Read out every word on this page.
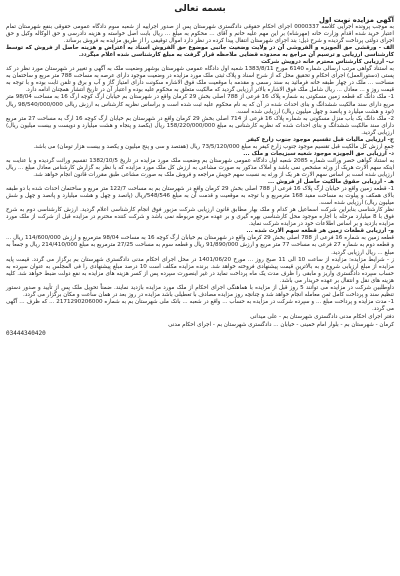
بسمه تعالی
آگهی مزایده نوبت اول

به موجب پرونده اجرایی کلاسه 0000337 اجرای احکام حقوقی دادگستری شهرستان پس از صدور اجراییه از شعبه سوم دادگاه عمومی حقوقی بنفع شهرستان تمام اعتبار خرید شده اقدام وزارت خانه (مهرشاه) بر این مهم علیه خانم و آقای ... محکوم به مبلغ ... ریال بابت اصل خواسته و هزینه دادرسی و حق الوکاله وکیل و حق اجرای دولتی پرداخت گردیده و شرح ذیل: بند اجرای شهرستان انتقال پیدا کرده در نظر دارد اموال توقیفی را از طریق مزایده به فروش برساند.

الف - ورقشی حق الجویزه و الفروشی آن در ولایت وضعیت جانبی موضوع حق الفروش اسناد به اعتراض و هزینه حاصل از فروش که توسط کارشناسی ارزیابی و ترسیم آن مراجع به محدوده قضایی ملاحظه قرار گرفت به مبلغ کارشناسی شده اعلام میگردد.

ب- ارزیابی کارشناس محترم خانه درویش شرکت

به استناد گواهی مرتب ارسالی شماره 6140 مورخ 1383/8/11 شعبه اول دادگاه عمومی شهرستان بوشهر وضعیت ملک به آگهی و تغییر در شهرستان مورد نظر در کد پستی (دستورالعمل) اجرای احکام و تحقیق محل که از شرح اسناد و پلاک ثبتی ملک مورد مزایده در وضعیت موجود دارای عرصه به مساحت 788 متر مربع و ساختمان به مساحت ... ملک در چهار طبقه خانه فرمائید به سند رسمی و مقدمه با موقعیت ملک فوق الاشاره سکونت دارای امتیاز گاز و آب و برق و تلفن ثابت بوده و با توجه به قیمت روز و ... معادل ... ریال شامل ملک فوق الاشاره بالاتر ارزیابی گردید که مالکیت متعلق به محکوم علیه بوده و اعتبار آن در تاریخ انتشار همچنان ادامه دارد.

1- ملک دانگ که قطعه زمین مسکونی به شماره پلاک 16 فرعی از 788 اصلی بخش 29 کرمان واقع در شهرستان بم خیابان ارگ کوچه ارگ 16 به مساحت 98/04 متر مربع دارای سند مالکیت ششدانگ و بنای احداث شده در آن که به نام محکوم علیه ثبت شده است و براساس نظریه کارشناس به ارزش ریالی 98/540/000/000 ریال (نود و هشت میلیارد و پانصد و چهل میلیون ریال) ارزیابی شده است.

2- ملک دانگ یک باب منزل مسکونی به شماره پلاک 16 فرعی از 714 اصلی بخش 29 کرمان واقع در شهرستان بم خیابان ارگ کوچه 16 ارگ به مساحت 27 متر مربع دارای سند مالکیت ششدانگ و بنای احداث شده که نظریه کارشناس به مبلغ 158/220/000/000 ریال (یکصد و پنجاه و هشت میلیارد و دویست و بیست میلیون ریال) ارزیابی گردید.

ج- ارزیابی مالیات قبل تقسیم موجود جنوب زارع کیفر

جمع ارزش کل مالکیت قبل تقسیم موجود جنوب زارع کیفر به مبلغ 73/5/120/000 ریال (هفتصد و سی و پنج میلیون و یکصد و بیست هزار تومان) می باشد.

د- ارزیابی حق الجویزه موجود شعبه سبزیجات و ملک ...

به استناد گواهی حصر وراثت شماره 2085 شعبه اول دادگاه عمومی شهرستان بم وضعیت ملک مورد مزایده در تاریخ 1382/10/5 تقسیم وراثت گردیده و با عنایت به اینکه سهم الارث هریک از ورثه مشخص نمی باشد و املاک مذکور به صورت مشاعی به ارزش کل ملک مورد مزایده که با نظر به گزارش کارشناس معادل مبلغ ... ریال ارزیابی شده است بر اساس سهم الارث هر یک از ورثه به نسبت سهم خویش مراجعه و فروش ملک به صورت مشاعی طبق مقررات قانون انجام خواهد شد.

هـ - ارزیابی حقوق مالکیت حاصل از فروش ...

1- قطعه زمین واقع در خیابان ارگ پلاک 16 فرعی از 788 اصلی بخش 29 کرمان واقع در شهرستان بم به مساحت 122/7 متر مربع و ساختمان احداث شده با دو طبقه بالای همکف و پیلوت به مساحت مفید 168 مترمربع و با توجه به موقعیت و قدمت آن به مبلغ 548/546/ریال (پانصد و چهل و هشت میلیارد و پانصد و چهل و شش میلیون ریال) ارزیابی شده است.

نظر کارشناسی بنابراین شرکت اسماعیل هر کدام و ملک بهار مطابق قانون ارزیابی شرکت مزبور فوق انجام کارشناسی اعلام گردید. ارزش کارشناسی دوم به شرح فوق با 8 میلیارد مرحله با اجاره موجود محل کارشناسی بهره گیری و بر عهده مرجع مربوطه نمی باشد و شرکت کننده محترم در مزایده قبل از شرکت از ملک مورد مزایده بازدید و بر اساس اطلاعات خود در مزایده شرکت نماید.

و- ارزیابی قطعات زمین هر قطعه سهم الارث شده ...

قطعه زمین به شماره 16 فرعی از 788 اصلی بخش 29 کرمان واقع در شهرستان بم خیابان ارگ کوچه 16 به مساحت 98/04 مترمربع و ارزش 114/600/000 ریال ... و قطعه دوم به شماره 27 فرعی به مساحت 77 متر مربع و ارزش 91/890/000 ریال و قطعه سوم به مساحت 27/25 مترمربع به مبلغ 214/410/000 ریال و جمعاً به مبلغ ... ریال ارزیابی گردید.

ز - شرایط مزایده: مزایده از ساعت 10 الی 11 صبح روز ... مورخ 1401/06/20 در محل اجرای احکام مدنی دادگستری شهرستان بم برگزار می گردد. قیمت پایه مزایده از مبلغ ارزیابی شروع و به بالاترین قیمت پیشنهادی فروخته خواهد شد. برنده مزایده مکلف است 10 درصد مبلغ پیشنهادی را فی المجلس به عنوان سپرده به حساب سپرده دادگستری واریز و مابقی را ظرف مدت یک ماه پرداخت نماید در غیر اینصورت سپرده پس از کسر هزینه های مزایده به نفع دولت ضبط خواهد شد. کلیه هزینه های نقل و انتقال بر عهده خریدار می باشد.

داوطلبین شرکت در مزایده می توانند 5 روز قبل از مزایده با هماهنگی اجرای احکام از ملک مورد مزایده بازدید نمایند. ضمناً تحویل ملک پس از تأیید و صدور دستور تنظیم سند و پرداخت کامل ثمن معامله انجام خواهد شد و چنانچه روز مزایده مصادف با تعطیلی باشد مزایده در روز بعد در همان ساعت و مکان برگزار می گردد.

1- مدت مزایده و پرداخت مبلغ ... و سپرده شرکت در مزایده به حساب ... واقع در شعبه ... بانک ملی شهرستان بم به شماره 2171290206000 ... که ظرف ... آگهی می گردد.

دفتر اجرای احکام مدنی دادگستری شهرستان بم - علی میدانی
کرمان - شهرستان بم - بلوار امام خمینی - خیابان ... دادگستری شهرستان بم - اجرای احکام مدنی
03444340420
